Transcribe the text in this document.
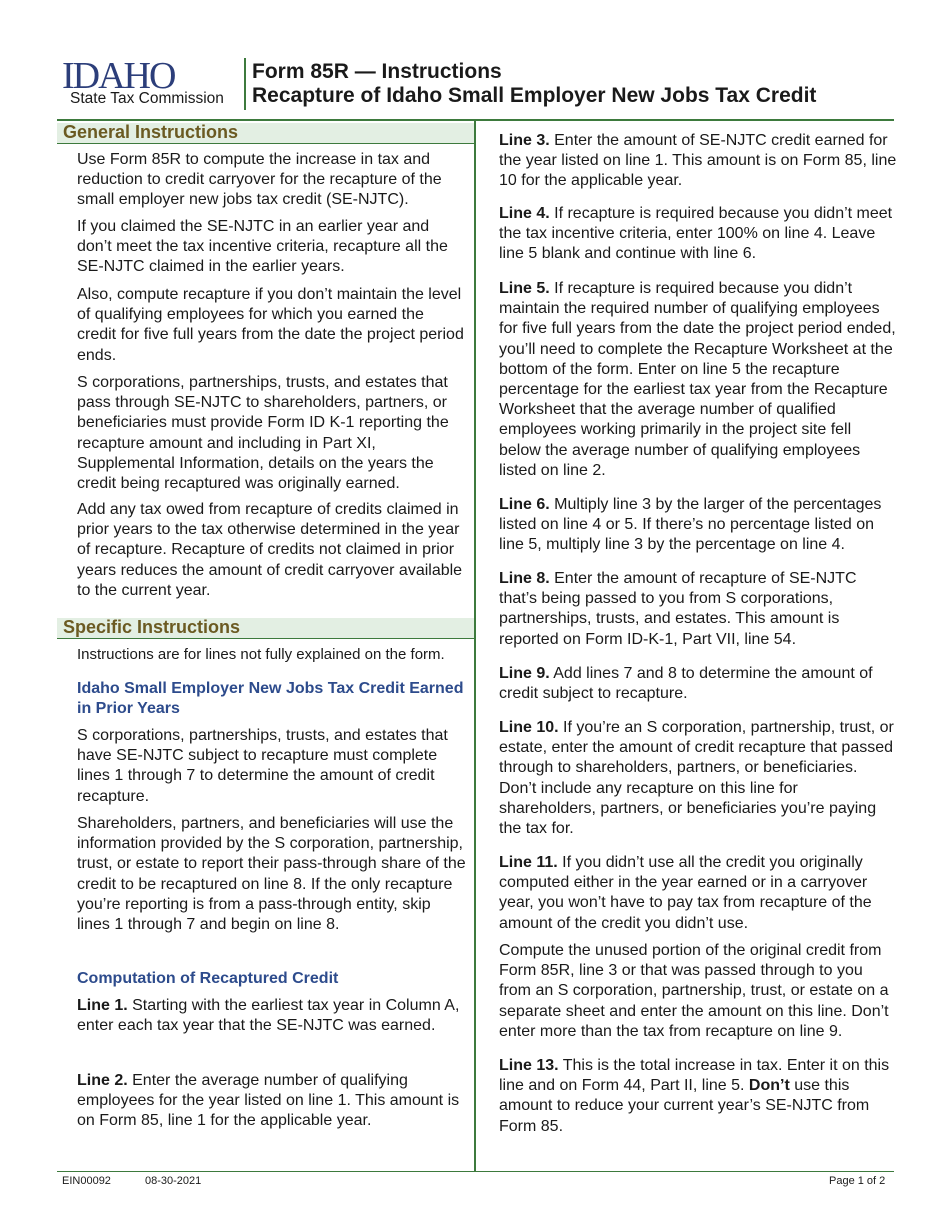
IDAHO
State Tax Commission
Form 85R — Instructions
Recapture of Idaho Small Employer New Jobs Tax Credit
General Instructions

Use Form 85R to compute the increase in tax and reduction to credit carryover for the recapture of the small employer new jobs tax credit (SE-NJTC).

If you claimed the SE-NJTC in an earlier year and don’t meet the tax incentive criteria, recapture all the SE-NJTC claimed in the earlier years.

Also, compute recapture if you don’t maintain the level of qualifying employees for which you earned the credit for five full years from the date the project period ends.

S corporations, partnerships, trusts, and estates that pass through SE-NJTC to shareholders, partners, or beneficiaries must provide Form ID K-1 reporting the recapture amount and including in Part XI, Supplemental Information, details on the years the credit being recaptured was originally earned.

Add any tax owed from recapture of credits claimed in prior years to the tax otherwise determined in the year of recapture. Recapture of credits not claimed in prior years reduces the amount of credit carryover available to the current year.

Specific Instructions

Instructions are for lines not fully explained on the form.

Idaho Small Employer New Jobs Tax Credit Earned in Prior Years

S corporations, partnerships, trusts, and estates that have SE-NJTC subject to recapture must complete lines 1 through 7 to determine the amount of credit recapture.

Shareholders, partners, and beneficiaries will use the information provided by the S corporation, partnership, trust, or estate to report their pass-through share of the credit to be recaptured on line 8. If the only recapture you’re reporting is from a pass-through entity, skip lines 1 through 7 and begin on line 8.

Computation of Recaptured Credit

Line 1. Starting with the earliest tax year in Column A, enter each tax year that the SE-NJTC was earned.

Line 2. Enter the average number of qualifying employees for the year listed on line 1. This amount is on Form 85, line 1 for the applicable year.

Line 3. Enter the amount of SE-NJTC credit earned for the year listed on line 1. This amount is on Form 85, line 10 for the applicable year.

Line 4. If recapture is required because you didn’t meet the tax incentive criteria, enter 100% on line 4. Leave line 5 blank and continue with line 6.

Line 5. If recapture is required because you didn’t maintain the required number of qualifying employees for five full years from the date the project period ended, you’ll need to complete the Recapture Worksheet at the bottom of the form. Enter on line 5 the recapture percentage for the earliest tax year from the Recapture Worksheet that the average number of qualified employees working primarily in the project site fell below the average number of qualifying employees listed on line 2.

Line 6. Multiply line 3 by the larger of the percentages listed on line 4 or 5. If there’s no percentage listed on line 5, multiply line 3 by the percentage on line 4.

Line 8. Enter the amount of recapture of SE-NJTC that’s being passed to you from S corporations, partnerships, trusts, and estates. This amount is reported on Form ID-K-1, Part VII, line 54.

Line 9. Add lines 7 and 8 to determine the amount of credit subject to recapture.

Line 10. If you’re an S corporation, partnership, trust, or estate, enter the amount of credit recapture that passed through to shareholders, partners, or beneficiaries. Don’t include any recapture on this line for shareholders, partners, or beneficiaries you’re paying the tax for.

Line 11. If you didn’t use all the credit you originally computed either in the year earned or in a carryover year, you won’t have to pay tax from recapture of the amount of the credit you didn’t use.

Compute the unused portion of the original credit from Form 85R, line 3 or that was passed through to you from an S corporation, partnership, trust, or estate on a separate sheet and enter the amount on this line. Don’t enter more than the tax from recapture on line 9.

Line 13. This is the total increase in tax. Enter it on this line and on Form 44, Part II, line 5. Don’t use this amount to reduce your current year’s SE-NJTC from Form 85.

EIN00092	08-30-2021	Page 1 of 2
